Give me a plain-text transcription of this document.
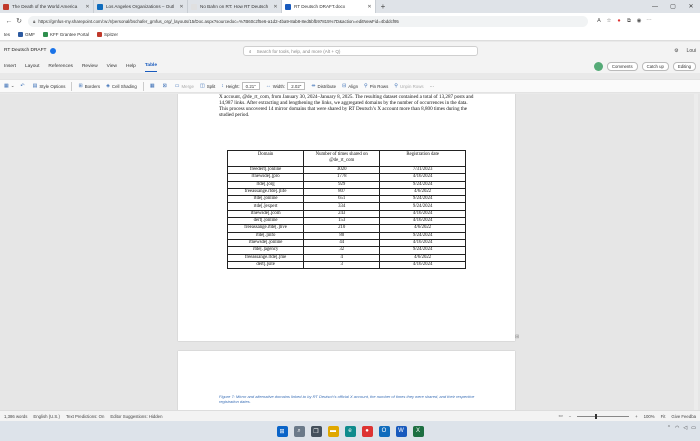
The Death of the World America	✕	Los Angeles Organizations – Outl	✕	No Bahn on RT: How RT Deutsch	✕	RT Deutsch DRAFT.docx	✕	+	—	▢	✕
← ↻	🔒︎ https://gmfus-my.sharepoint.com/:w:/r/personal/bschafer_gmfus_org/_layouts/15/Doc.aspx?sourcedoc=%7B60c2f5e6-a1d2-4ba9-8ab8-8ed5bfb97815%7D&action=editNewFid=4bddcf95	A	☆	●	⧉	◉ ⋯
tes	GMF	KFF Grantee Portal	Spitzer
RT Deutsch DRAFT	⌕ Search for tools, help, and more (Alt + Q)	⚙ Loui
Insert Layout References Review View Help Table	Comments	Catch up	Editing
▦ ⌄ ↶ ▤ Style Options	⊞ Borders ◈ Cell Shading	▦ ⊠ ▭ Merge ◫ Split ↕ Height:	0.21"	↔ Width:	2.02"	⇹ Distribute ⊟ Align ⚲ Pin Rows ⚲ Unpin Rows ···

X account, @de_rt_com, from January 30, 2024–January 8, 2025. The resulting dataset contained a total of 13,287 posts and 14,987 links. After extracting and lengthening the links, we aggregated domains by the number of occurrences in the data. This process uncovered 14 mirror domains that were shared by RT Deutsch’s X account more than 8,800 times during the studied period.

Domain	Number of times shared on @de_rt_com	Registration date
freedert[.]online	3020	7/31/2023
rtnewsde[.]pro	1778	4/16/2024
rtde[.]org	929	9/24/2024
freeassange.rtde[.]life	807	4/6/2022
rtde[.]online	651	9/24/2024
rtde[.]expert	334	9/24/2024
rtnewsde[.]com	243	4/16/2024
dert[.]online	153	4/16/2024
freeassange.rtde[.]live	210	4/6/2022
rtde[.]info	80	9/24/2024
rtnewsde[.]online	44	4/16/2024
rtde[.]agency	32	9/24/2024
freeassange.rtde[.]me	4	4/6/2022
dert[.]site	3	4/16/2024
⊞

Figure 7: Mirror and alternative domains linked-to by RT Deutsch’s official X account, the number of times they were shared, and their respective registration dates.

1,386 words English (U.S.) Text Predictions: On Editor Suggestions: Hidden	▭ −	+ 100% Fit Give Feedba
⊞	⌕	❐	▬	e	●	O	W	X	⌃ ◠ ◁ ▭
